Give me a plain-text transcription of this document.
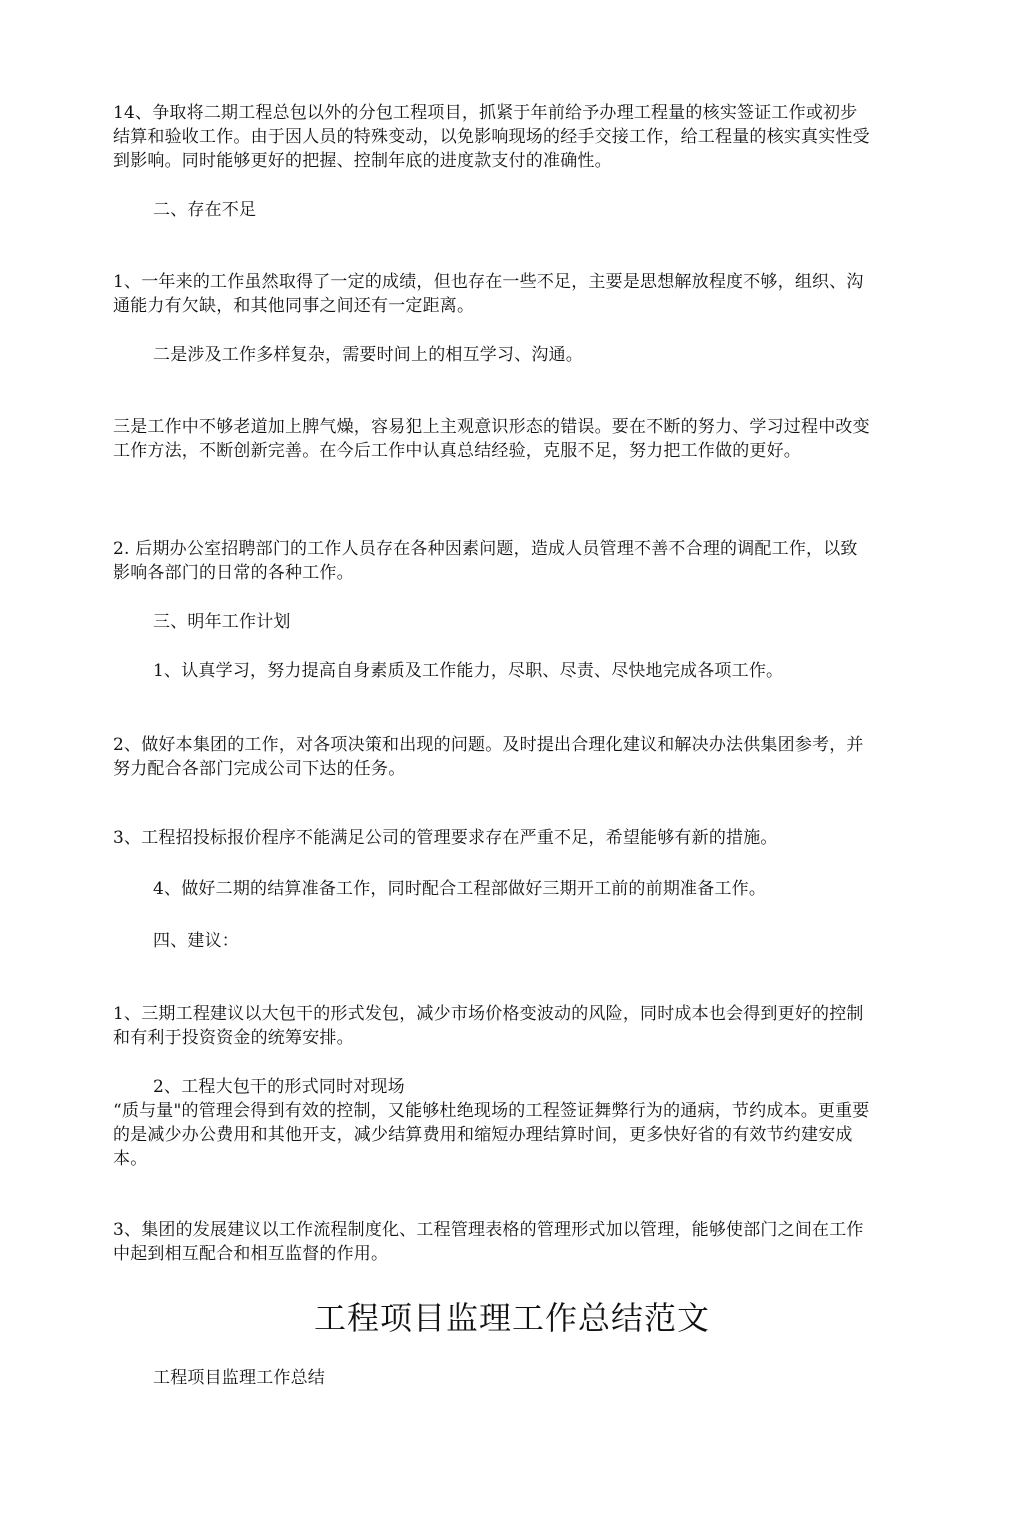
14、争取将二期工程总包以外的分包工程项目，抓紧于年前给予办理工程量的核实签证工作或初步结算和验收工作。由于因人员的特殊变动，以免影响现场的经手交接工作，给工程量的核实真实性受到影响。同时能够更好的把握、控制年底的进度款支付的准确性。

二、存在不足

1、一年来的工作虽然取得了一定的成绩，但也存在一些不足，主要是思想解放程度不够，组织、沟通能力有欠缺，和其他同事之间还有一定距离。

二是涉及工作多样复杂，需要时间上的相互学习、沟通。

三是工作中不够老道加上脾气燥，容易犯上主观意识形态的错误。要在不断的努力、学习过程中改变工作方法，不断创新完善。在今后工作中认真总结经验，克服不足，努力把工作做的更好。

2. 后期办公室招聘部门的工作人员存在各种因素问题，造成人员管理不善不合理的调配工作，以致影响各部门的日常的各种工作。

三、明年工作计划

1、认真学习，努力提高自身素质及工作能力，尽职、尽责、尽快地完成各项工作。

2、做好本集团的工作，对各项决策和出现的问题。及时提出合理化建议和解决办法供集团参考，并努力配合各部门完成公司下达的任务。

3、工程招投标报价程序不能满足公司的管理要求存在严重不足，希望能够有新的措施。

4、做好二期的结算准备工作，同时配合工程部做好三期开工前的前期准备工作。

四、建议：

1、三期工程建议以大包干的形式发包，减少市场价格变波动的风险，同时成本也会得到更好的控制和有利于投资资金的统筹安排。

2、工程大包干的形式同时对现场

“质与量"的管理会得到有效的控制，又能够杜绝现场的工程签证舞弊行为的通病，节约成本。更重要的是减少办公费用和其他开支，减少结算费用和缩短办理结算时间，更多快好省的有效节约建安成本。

3、集团的发展建议以工作流程制度化、工程管理表格的管理形式加以管理，能够使部门之间在工作中起到相互配合和相互监督的作用。

工程项目监理工作总结范文

工程项目监理工作总结
